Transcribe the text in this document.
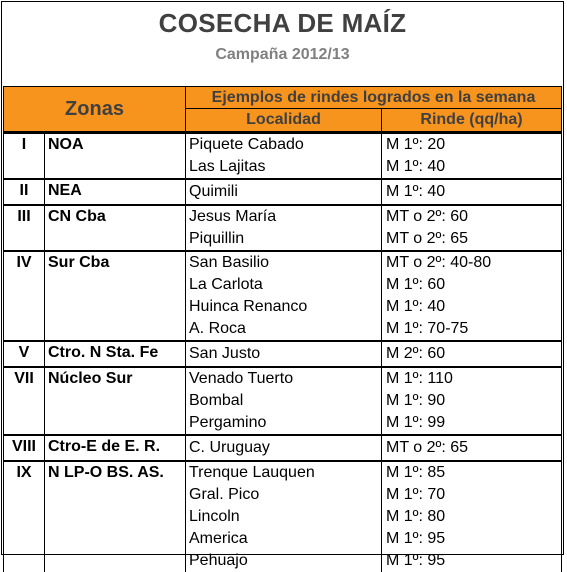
COSECHA DE MAÍZ
Campaña 2012/13
Zonas		Ejemplos de rindes logrados en la semana	
		Localidad	Rinde (qq/ha)
I	NOA	Piquete Cabado	M 1º: 20
		Las Lajitas	M 1º: 40
II	NEA	Quimili	M 1º: 40
III	CN Cba	Jesus María	MT o 2º: 60
		Piquillin	MT o 2º: 65
IV	Sur Cba	San Basilio	MT o 2º: 40-80
		La Carlota	M 1º: 60
		Huinca Renanco	M 1º: 40
		A. Roca	M 1º: 70-75
V	Ctro. N Sta. Fe	San Justo	M 2º: 60
VII	Núcleo Sur	Venado Tuerto	M 1º: 110
		Bombal	M 1º: 90
		Pergamino	M 1º: 99
VIII	Ctro-E de E. R.	C. Uruguay	MT o 2º: 65
IX	N LP-O BS. AS.	Trenque Lauquen	M 1º: 85
		Gral. Pico	M 1º: 70
		Lincoln	M 1º: 80
		America	M 1º: 95
		Pehuajo	M 1º: 95
